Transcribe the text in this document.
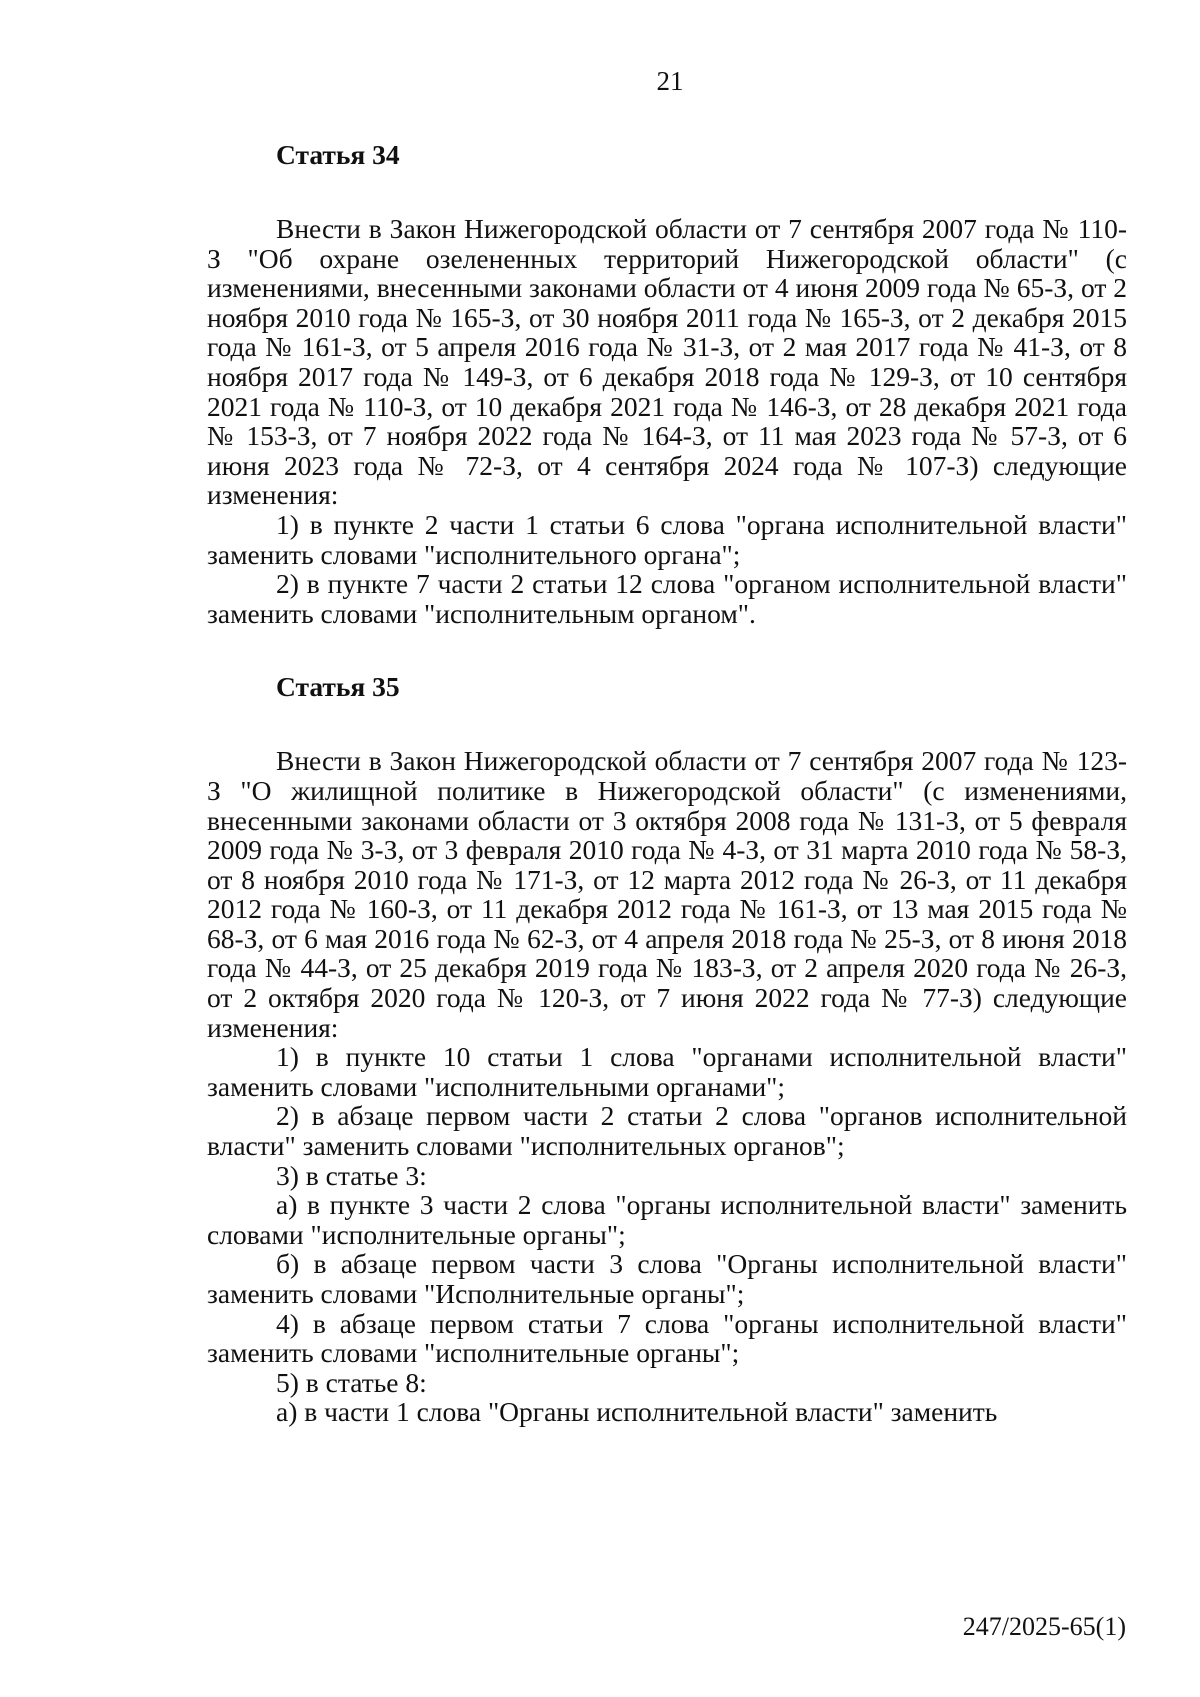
21

Статья 34

Внести в Закон Нижегородской области от 7 сентября 2007 года № 110-З "Об охране озелененных территорий Нижегородской области" (с изменениями, внесенными законами области от 4 июня 2009 года № 65-З, от 2 ноября 2010 года № 165-З, от 30 ноября 2011 года № 165-З, от 2 декабря 2015 года № 161-З, от 5 апреля 2016 года № 31-З, от 2 мая 2017 года № 41-З, от 8 ноября 2017 года № 149-З, от 6 декабря 2018 года № 129-З, от 10 сентября 2021 года № 110-З, от 10 декабря 2021 года № 146-З, от 28 декабря 2021 года № 153-З, от 7 ноября 2022 года № 164-З, от 11 мая 2023 года № 57-З, от 6 июня 2023 года № 72-З, от 4 сентября 2024 года № 107-З) следующие изменения:

1) в пункте 2 части 1 статьи 6 слова "органа исполнительной власти" заменить словами "исполнительного органа";

2) в пункте 7 части 2 статьи 12 слова "органом исполнительной власти" заменить словами "исполнительным органом".

Статья 35

Внести в Закон Нижегородской области от 7 сентября 2007 года № 123-З "О жилищной политике в Нижегородской области" (с изменениями, внесенными законами области от 3 октября 2008 года № 131-З, от 5 февраля 2009 года № 3-З, от 3 февраля 2010 года № 4-З, от 31 марта 2010 года № 58-З, от 8 ноября 2010 года № 171-З, от 12 марта 2012 года № 26-З, от 11 декабря 2012 года № 160-З, от 11 декабря 2012 года № 161-З, от 13 мая 2015 года № 68-З, от 6 мая 2016 года № 62-З, от 4 апреля 2018 года № 25-З, от 8 июня 2018 года № 44-З, от 25 декабря 2019 года № 183-З, от 2 апреля 2020 года № 26-З, от 2 октября 2020 года № 120-З, от 7 июня 2022 года № 77-З) следующие изменения:

1) в пункте 10 статьи 1 слова "органами исполнительной власти" заменить словами "исполнительными органами";

2) в абзаце первом части 2 статьи 2 слова "органов исполнительной власти" заменить словами "исполнительных органов";

3) в статье 3:

а) в пункте 3 части 2 слова "органы исполнительной власти" заменить словами "исполнительные органы";

б) в абзаце первом части 3 слова "Органы исполнительной власти" заменить словами "Исполнительные органы";

4) в абзаце первом статьи 7 слова "органы исполнительной власти" заменить словами "исполнительные органы";

5) в статье 8:

а) в части 1 слова "Органы исполнительной власти" заменить

247/2025-65(1)
